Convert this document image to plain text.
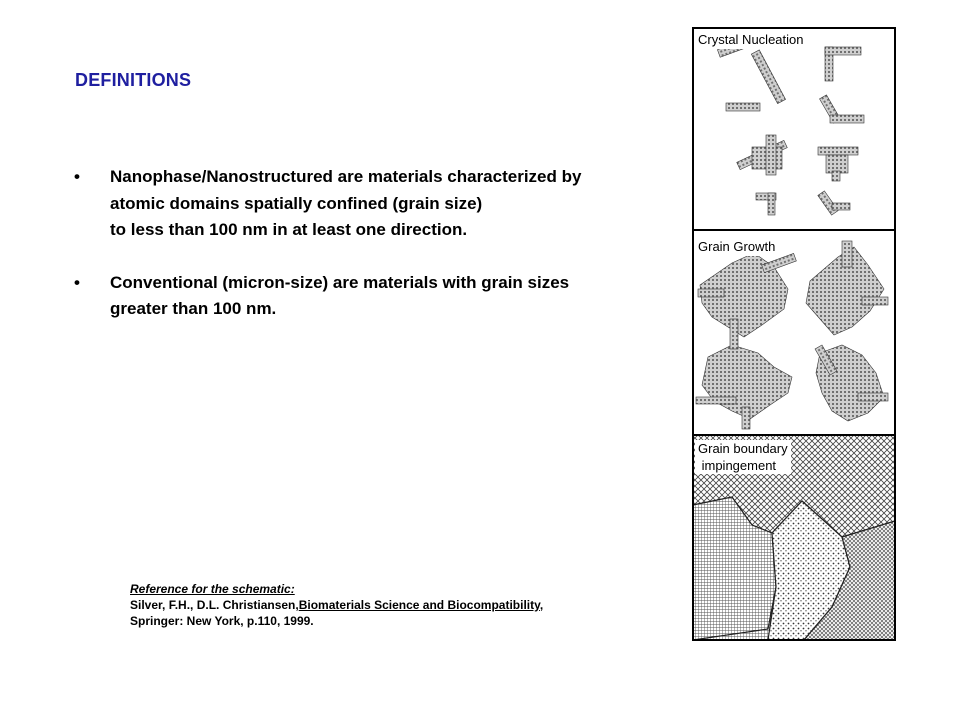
DEFINITIONS
•	Nanophase/Nanostructured are materials characterized by
atomic domains spatially confined (grain size)
to less than 100 nm in at least one direction.
•	Conventional (micron-size) are materials with grain sizes
greater than 100 nm.
Reference for the schematic:
Silver, F.H., D.L. Christiansen,Biomaterials Science and Biocompatibility,
Springer: New York, p.110, 1999.
Crystal Nucleation
Grain Growth
Grain boundary
impingement
